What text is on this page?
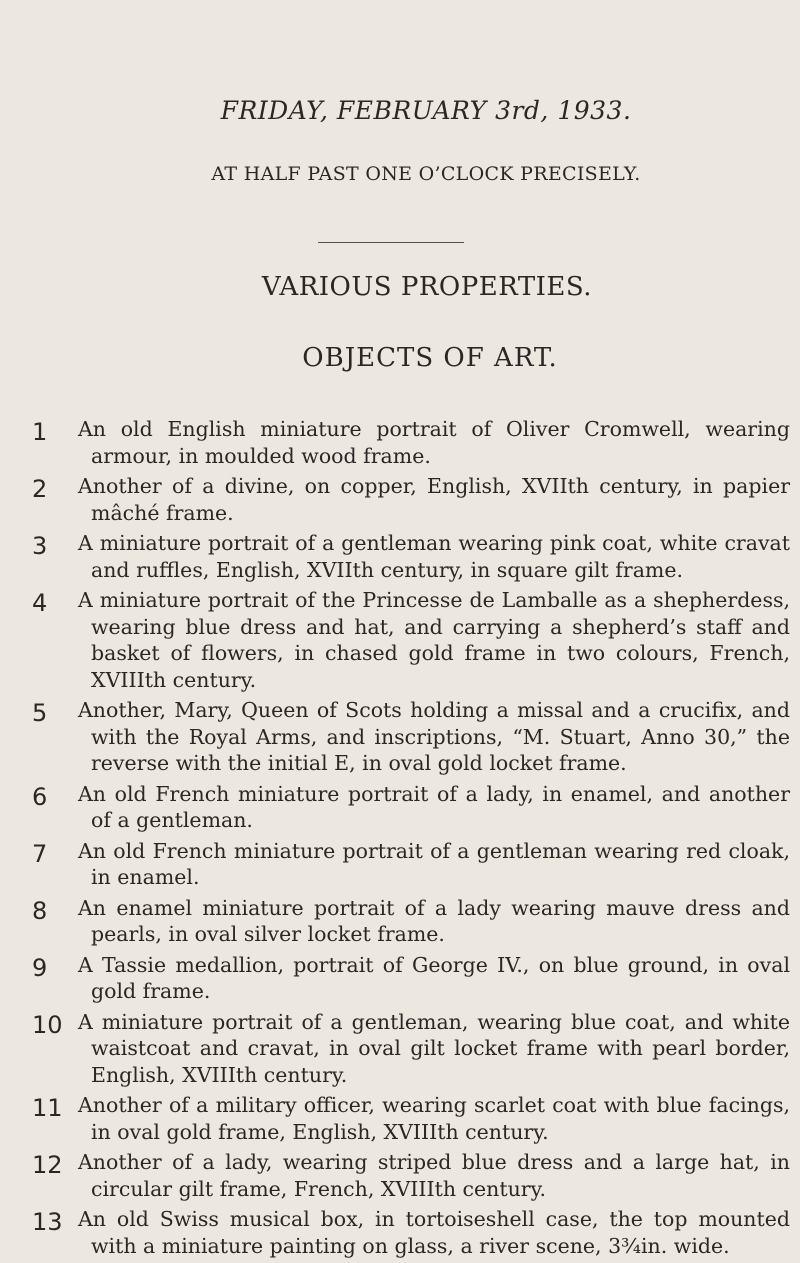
FRIDAY, FEBRUARY 3rd, 1933.
AT HALF PAST ONE O’CLOCK PRECISELY.
VARIOUS PROPERTIES.
OBJECTS OF ART.
1	An old English miniature portrait of Oliver Cromwell, wearing armour, in moulded wood frame.
2	Another of a divine, on copper, English, XVIIth century, in papier mâché frame.
3	A miniature portrait of a gentleman wearing pink coat, white cravat and ruffles, English, XVIIth century, in square gilt frame.
4	A miniature portrait of the Princesse de Lamballe as a shepherdess, wearing blue dress and hat, and carrying a shepherd’s staff and basket of flowers, in chased gold frame in two colours, French, XVIIIth century.
5	Another, Mary, Queen of Scots holding a missal and a crucifix, and with the Royal Arms, and inscriptions, “M. Stuart, Anno 30,” the reverse with the initial E, in oval gold locket frame.
6	An old French miniature portrait of a lady, in enamel, and another of a gentleman.
7	An old French miniature portrait of a gentleman wearing red cloak, in enamel.
8	An enamel miniature portrait of a lady wearing mauve dress and pearls, in oval silver locket frame.
9	A Tassie medallion, portrait of George IV., on blue ground, in oval gold frame.
10 A miniature portrait of a gentleman, wearing blue coat, and white waistcoat and cravat, in oval gilt locket frame with pearl border, English, XVIIIth century.
11 Another of a military officer, wearing scarlet coat with blue facings, in oval gold frame, English, XVIIIth century.
12 Another of a lady, wearing striped blue dress and a large hat, in circular gilt frame, French, XVIIIth century.
13 An old Swiss musical box, in tortoiseshell case, the top mounted with a miniature painting on glass, a river scene, 3¾in. wide.
